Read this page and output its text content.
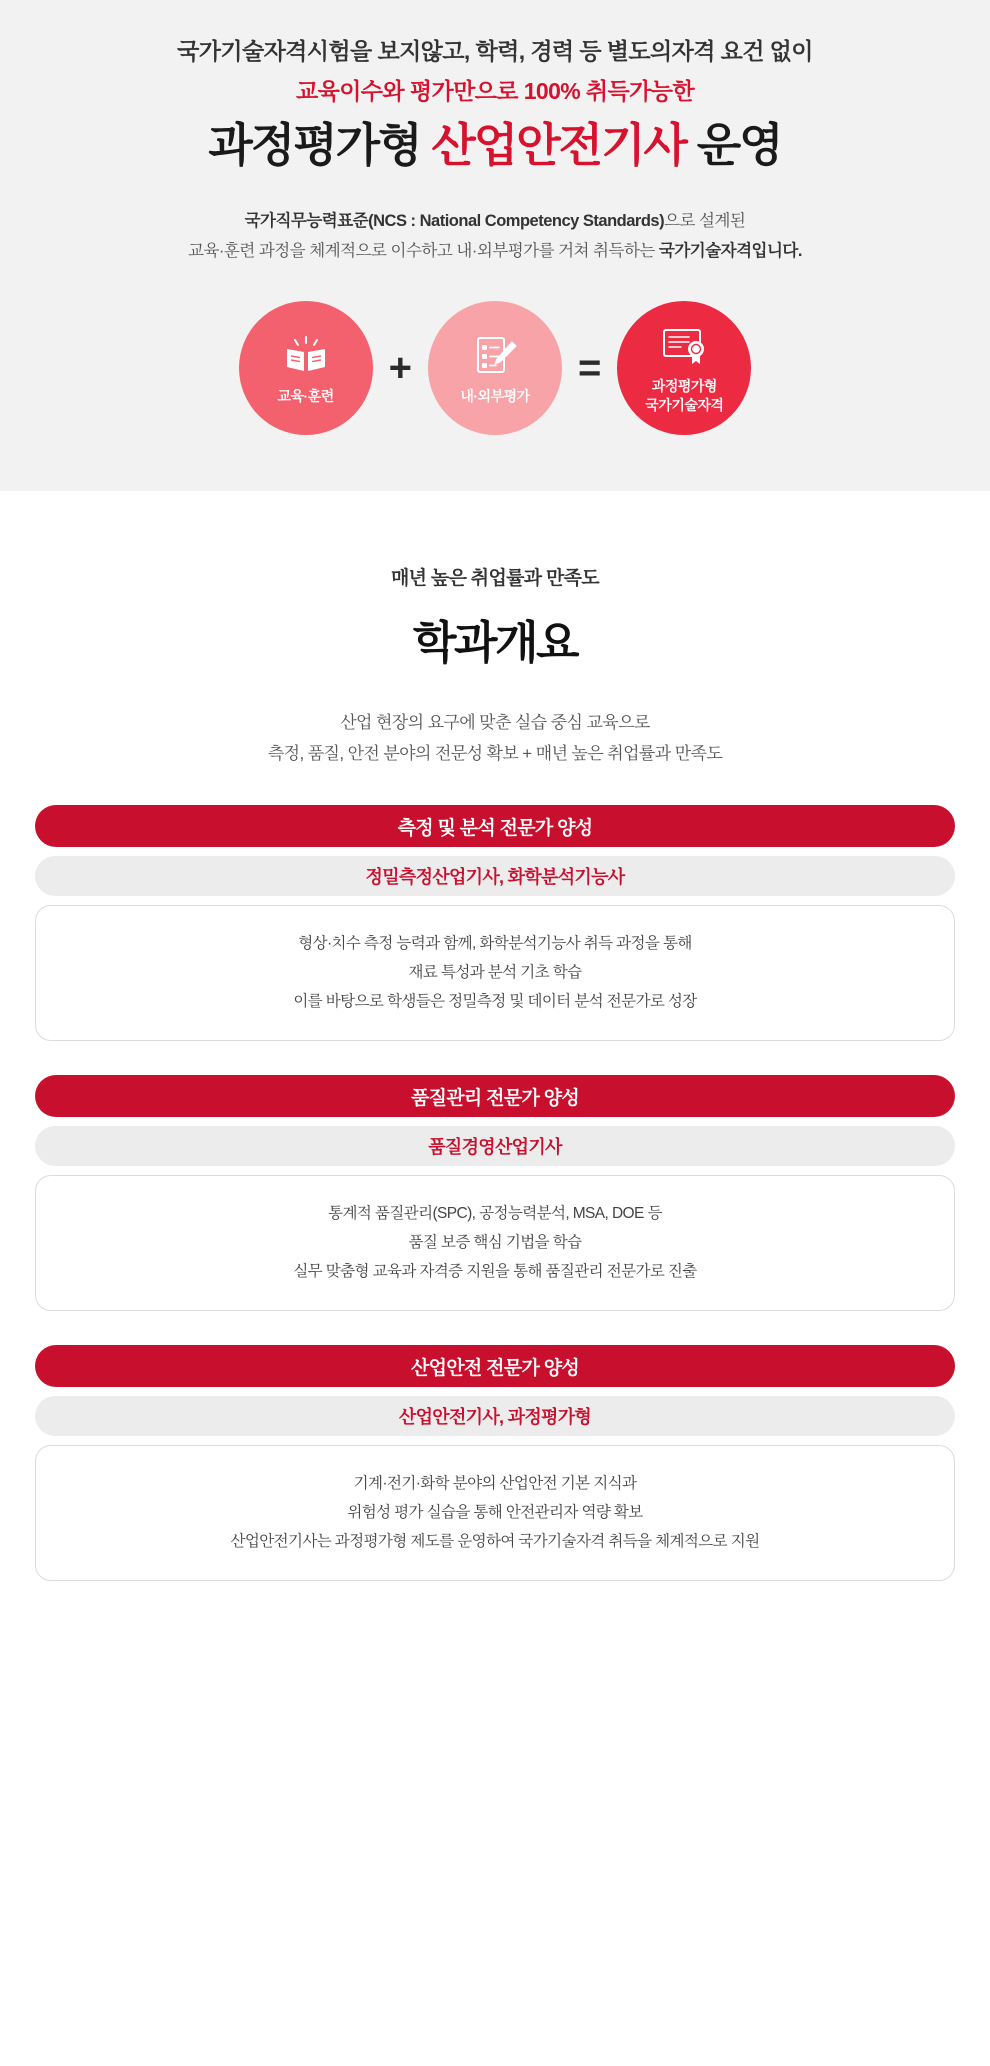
국가기술자격시험을 보지않고, 학력, 경력 등 별도의자격 요건 없이
교육이수와 평가만으로 100% 취득가능한
과정평가형 산업안전기사 운영
국가직무능력표준(NCS : National Competency Standards)으로 설계된
교육·훈련 과정을 체계적으로 이수하고 내·외부평가를 거쳐 취득하는 국가기술자격입니다.
교육·훈련
+
내·외부평가
=	과정평가형
국가기술자격
매년 높은 취업률과 만족도
학과개요
산업 현장의 요구에 맞춘 실습 중심 교육으로
측정, 품질, 안전 분야의 전문성 확보 + 매년 높은 취업률과 만족도
측정 및 분석 전문가 양성
정밀측정산업기사, 화학분석기능사
형상·치수 측정 능력과 함께, 화학분석기능사 취득 과정을 통해
재료 특성과 분석 기초 학습
이를 바탕으로 학생들은 정밀측정 및 데이터 분석 전문가로 성장
품질관리 전문가 양성
품질경영산업기사
통계적 품질관리(SPC), 공정능력분석, MSA, DOE 등
품질 보증 핵심 기법을 학습
실무 맞춤형 교육과 자격증 지원을 통해 품질관리 전문가로 진출
산업안전 전문가 양성
산업안전기사, 과정평가형
기계·전기·화학 분야의 산업안전 기본 지식과
위험성 평가 실습을 통해 안전관리자 역량 확보
산업안전기사는 과정평가형 제도를 운영하여 국가기술자격 취득을 체계적으로 지원
